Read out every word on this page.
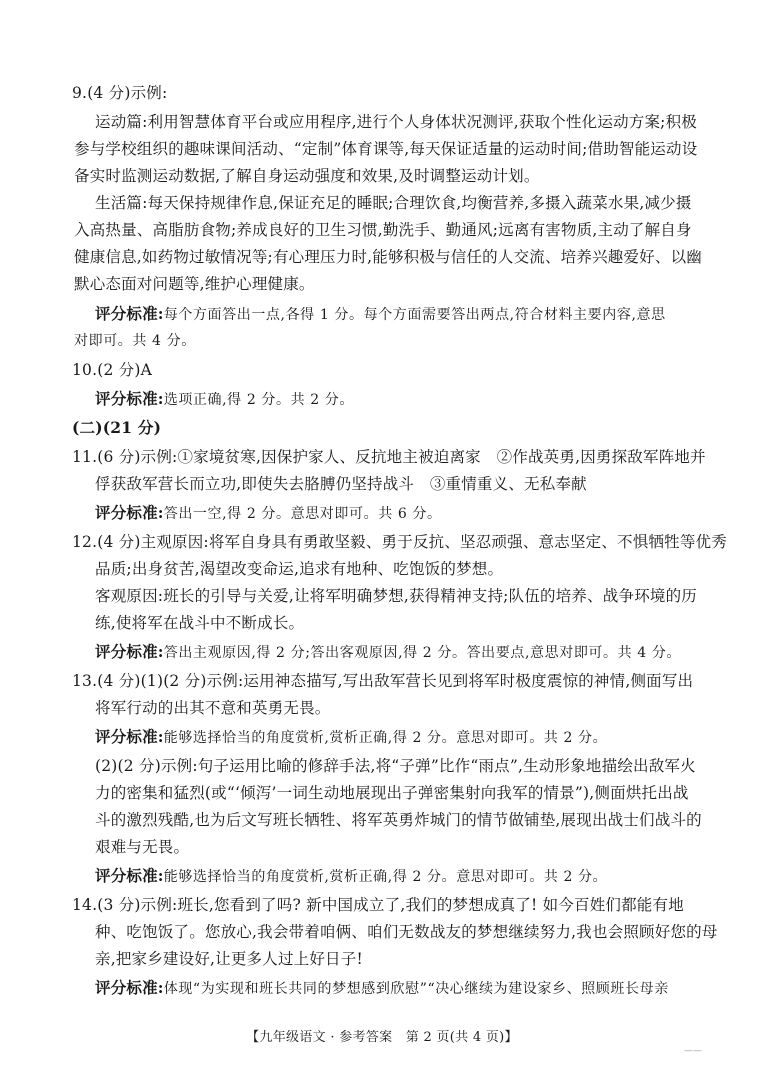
9.(4 分)示例:
运动篇:利用智慧体育平台或应用程序,进行个人身体状况测评,获取个性化运动方案;积极
参与学校组织的趣味课间活动、“定制”体育课等,每天保证适量的运动时间;借助智能运动设
备实时监测运动数据,了解自身运动强度和效果,及时调整运动计划。
生活篇:每天保持规律作息,保证充足的睡眠;合理饮食,均衡营养,多摄入蔬菜水果,减少摄
入高热量、高脂肪食物;养成良好的卫生习惯,勤洗手、勤通风;远离有害物质,主动了解自身
健康信息,如药物过敏情况等;有心理压力时,能够积极与信任的人交流、培养兴趣爱好、以幽
默心态面对问题等,维护心理健康。
评分标准:每个方面答出一点,各得 1 分。每个方面需要答出两点,符合材料主要内容,意思
对即可。共 4 分。
10.(2 分)A
评分标准:选项正确,得 2 分。共 2 分。
(二)(21 分)
11.(6 分)示例:①家境贫寒,因保护家人、反抗地主被迫离家　②作战英勇,因勇探敌军阵地并
俘获敌军营长而立功,即使失去胳膊仍坚持战斗　③重情重义、无私奉献
评分标准:答出一空,得 2 分。意思对即可。共 6 分。
12.(4 分)主观原因:将军自身具有勇敢坚毅、勇于反抗、坚忍顽强、意志坚定、不惧牺牲等优秀
品质;出身贫苦,渴望改变命运,追求有地种、吃饱饭的梦想。
客观原因:班长的引导与关爱,让将军明确梦想,获得精神支持;队伍的培养、战争环境的历
练,使将军在战斗中不断成长。
评分标准:答出主观原因,得 2 分;答出客观原因,得 2 分。答出要点,意思对即可。共 4 分。
13.(4 分)(1)(2 分)示例:运用神态描写,写出敌军营长见到将军时极度震惊的神情,侧面写出
将军行动的出其不意和英勇无畏。
评分标准:能够选择恰当的角度赏析,赏析正确,得 2 分。意思对即可。共 2 分。
(2)(2 分)示例:句子运用比喻的修辞手法,将“子弹”比作“雨点”,生动形象地描绘出敌军火
力的密集和猛烈(或“‘倾泻’一词生动地展现出子弹密集射向我军的情景”),侧面烘托出战
斗的激烈残酷,也为后文写班长牺牲、将军英勇炸城门的情节做铺垫,展现出战士们战斗的
艰难与无畏。
评分标准:能够选择恰当的角度赏析,赏析正确,得 2 分。意思对即可。共 2 分。
14.(3 分)示例:班长,您看到了吗? 新中国成立了,我们的梦想成真了! 如今百姓们都能有地
种、吃饱饭了。您放心,我会带着咱俩、咱们无数战友的梦想继续努力,我也会照顾好您的母
亲,把家乡建设好,让更多人过上好日子!
评分标准:体现“为实现和班长共同的梦想感到欣慰”“决心继续为建设家乡、照顾班长母亲
【九年级语文 · 参考答案　第 2 页(共 4 页)】
——
